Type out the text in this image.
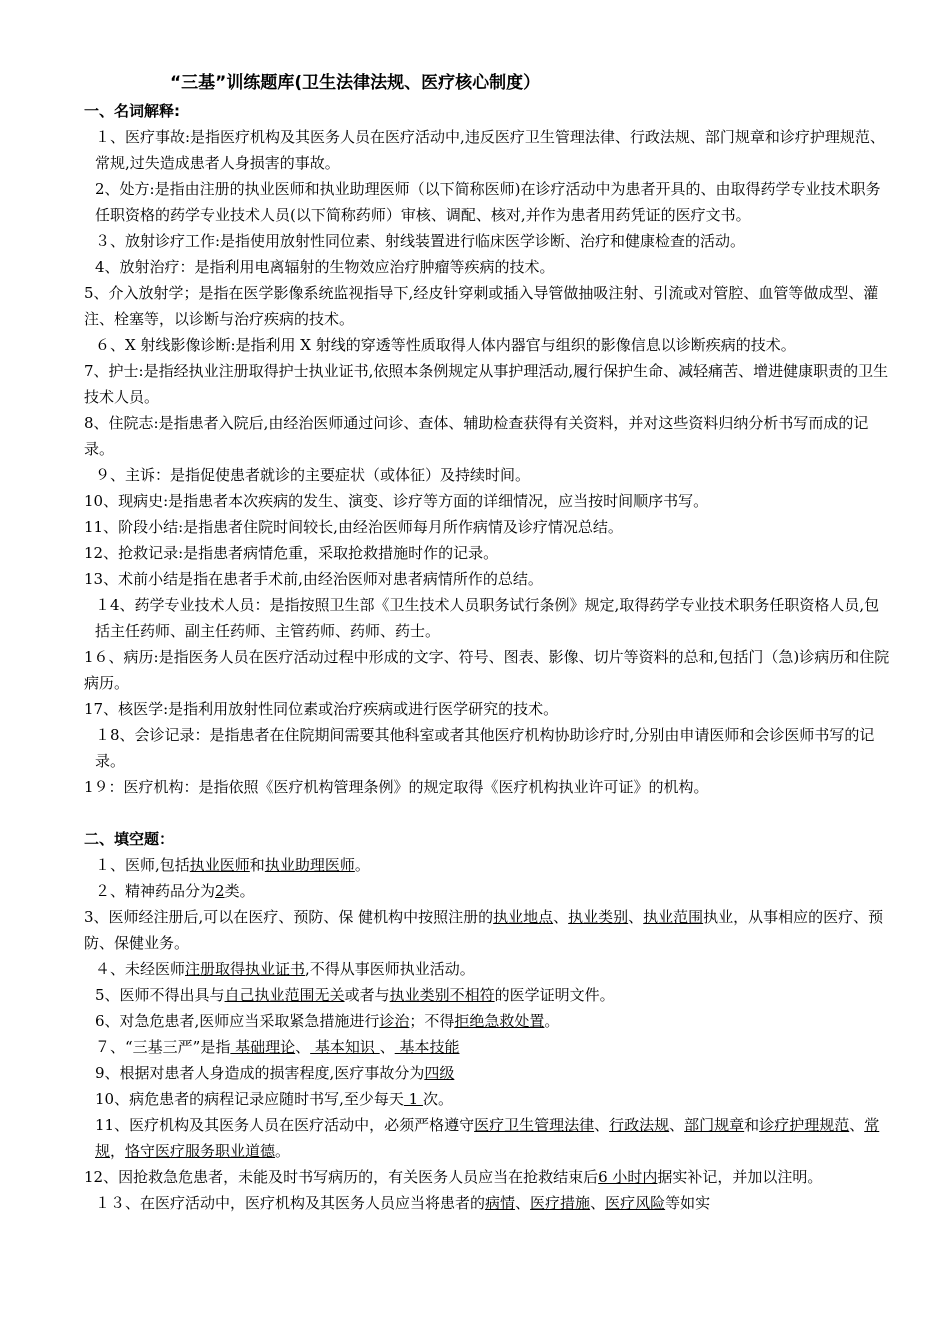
“三基”训练题库(卫生法律法规、医疗核心制度）
一、名词解释:

１、医疗事故:是指医疗机构及其医务人员在医疗活动中,违反医疗卫生管理法律、行政法规、部门规章和诊疗护理规范、常规,过失造成患者人身损害的事故。

2、处方:是指由注册的执业医师和执业助理医师（以下简称医师)在诊疗活动中为患者开具的、由取得药学专业技术职务任职资格的药学专业技术人员(以下简称药师）审核、调配、核对,并作为患者用药凭证的医疗文书。

３、放射诊疗工作:是指使用放射性同位素、射线装置进行临床医学诊断、治疗和健康检查的活动。

4、放射治疗：是指利用电离辐射的生物效应治疗肿瘤等疾病的技术。

5、介入放射学；是指在医学影像系统监视指导下,经皮针穿刺或插入导管做抽吸注射、引流或对管腔、血管等做成型、灌注、栓塞等，以诊断与治疗疾病的技术。

６、X 射线影像诊断:是指利用 X 射线的穿透等性质取得人体内器官与组织的影像信息以诊断疾病的技术。

7、护士:是指经执业注册取得护士执业证书,依照本条例规定从事护理活动,履行保护生命、减轻痛苦、增进健康职责的卫生技术人员。

8、住院志:是指患者入院后,由经治医师通过问诊、查体、辅助检查获得有关资料，并对这些资料归纳分析书写而成的记录。

９、主诉：是指促使患者就诊的主要症状（或体征）及持续时间。

10、现病史:是指患者本次疾病的发生、演变、诊疗等方面的详细情况，应当按时间顺序书写。

11、阶段小结:是指患者住院时间较长,由经治医师每月所作病情及诊疗情况总结。

12、抢救记录:是指患者病情危重，采取抢救措施时作的记录。

13、术前小结是指在患者手术前,由经治医师对患者病情所作的总结。

１4、药学专业技术人员：是指按照卫生部《卫生技术人员职务试行条例》规定,取得药学专业技术职务任职资格人员,包括主任药师、副主任药师、主管药师、药师、药士。

1６、病历:是指医务人员在医疗活动过程中形成的文字、符号、图表、影像、切片等资料的总和,包括门（急)诊病历和住院病历。

17、核医学:是指利用放射性同位素或治疗疾病或进行医学研究的技术。

１8、会诊记录：是指患者在住院期间需要其他科室或者其他医疗机构协助诊疗时,分别由申请医师和会诊医师书写的记录。

1９：医疗机构：是指依照《医疗机构管理条例》的规定取得《医疗机构执业许可证》的机构。

二、填空题：

１、医师,包括执业医师和执业助理医师。

２、精神药品分为2类。

3、医师经注册后,可以在医疗、预防、保 健机构中按照注册的执业地点、执业类别、执业范围执业，从事相应的医疗、预防、保健业务。

４、未经医师注册取得执业证书,不得从事医师执业活动。

5、医师不得出具与自己执业范围无关或者与执业类别不相符的医学证明文件。

6、对急危患者,医师应当采取紧急措施进行诊治；不得拒绝急救处置。

７、“三基三严”是指 基础理论、 基本知识 、 基本技能

9、根据对患者人身造成的损害程度,医疗事故分为四级

10、病危患者的病程记录应随时书写,至少每天 1 次。

11、医疗机构及其医务人员在医疗活动中，必须严格遵守医疗卫生管理法律、行政法规、部门规章和诊疗护理规范、常规，恪守医疗服务职业道德。

12、因抢救急危患者，未能及时书写病历的，有关医务人员应当在抢救结束后6 小时内据实补记，并加以注明。

１３、在医疗活动中，医疗机构及其医务人员应当将患者的病情、医疗措施、医疗风险等如实
